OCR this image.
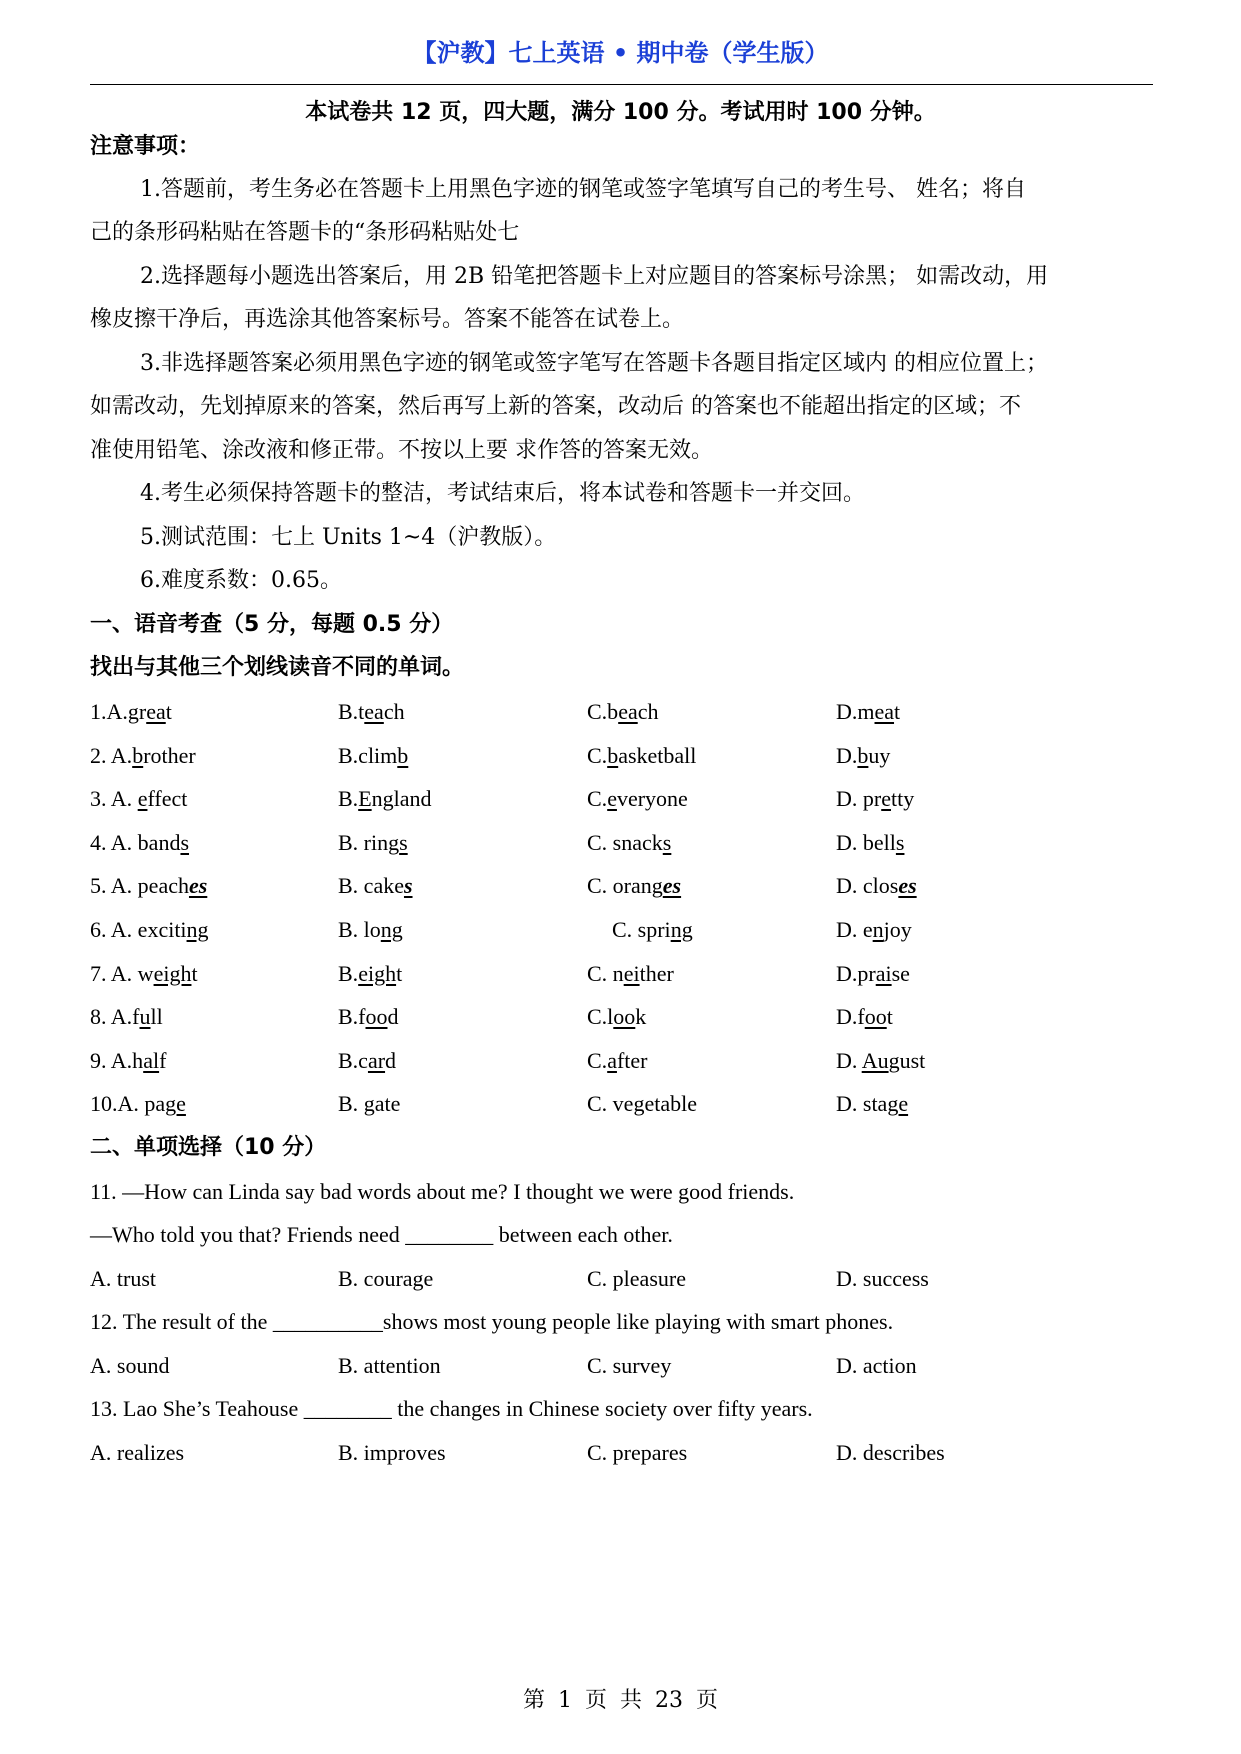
【沪教】七上英语 • 期中卷（学生版）
本试卷共 12 页，四大题，满分 100 分。考试用时 100 分钟。
注意事项：
1.答题前，考生务必在答题卡上用黑色字迹的钢笔或签字笔填写自己的考生号、 姓名；将自
己的条形码粘贴在答题卡的“条形码粘贴处七
2.选择题每小题选出答案后，用 2B 铅笔把答题卡上对应题目的答案标号涂黑； 如需改动，用
橡皮擦干净后，再选涂其他答案标号。答案不能答在试卷上。
3.非选择题答案必须用黑色字迹的钢笔或签字笔写在答题卡各题目指定区域内 的相应位置上；
如需改动，先划掉原来的答案，然后再写上新的答案，改动后 的答案也不能超出指定的区域；不
准使用铅笔、涂改液和修正带。不按以上要 求作答的答案无效。
4.考生必须保持答题卡的整洁，考试结束后，将本试卷和答题卡一并交回。
5.测试范围：七上 Units 1~4（沪教版）。
6.难度系数：0.65。
一、语音考查（5 分，每题 0.5 分）
找出与其他三个划线读音不同的单词。
1.A.great	B.teach	C.beach	D.meat
2. A.brother	B.climb	C.basketball	D.buy
3. A. effect	B.England	C.everyone	D. pretty
4. A. bands	B. rings	C. snacks	D. bells
5. A. peaches	B. cakes	C. oranges	D. closes
6. A. exciting	B. long	C. spring	D. enjoy
7. A. weight	B.eight	C. neither	D.praise
8. A.full	B.food	C.look	D.foot
9. A.half	B.card	C.after	D. August
10.A. page	B. gate	C. vegetable	D. stage
二、单项选择（10 分）
11. —How can Linda say bad words about me? I thought we were good friends.
—Who told you that? Friends need ________ between each other.
A. trust	B. courage	C. pleasure	D. success
12. The result of the __________shows most young people like playing with smart phones.
A. sound	B. attention	C. survey	D. action
13. Lao She’s Teahouse ________ the changes in Chinese society over fifty years.
A. realizes	B. improves	C. prepares	D. describes
第 1 页 共 23 页
